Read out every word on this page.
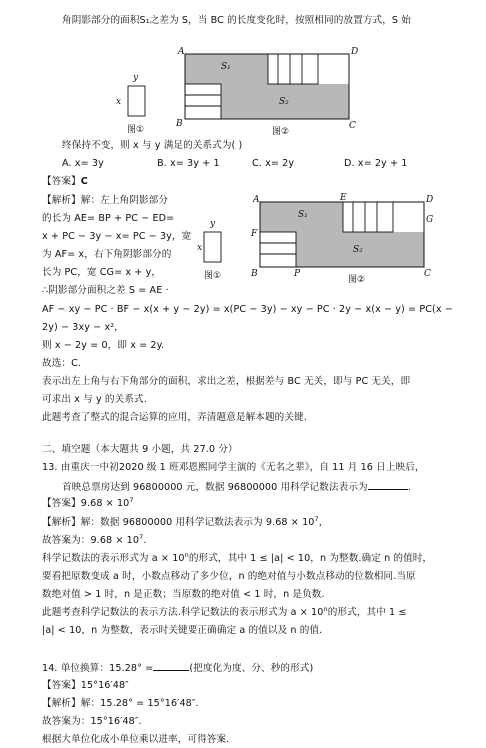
角阴影部分的面积S₁之差为 S，当 BC 的长度变化时，按照相同的放置方式，S 始
y
x
图①
A	D
B	C
S₁
S₂
图②
终保持不变，则 x 与 y 满足的关系式为( )
A. x= 3y	B. x= 3y + 1	C. x= 2y	D. x= 2y + 1
【答案】C
【解析】解：左上角阴影部分
的长为 AE= BP + PC − ED=
x + PC − 3y − x= PC − 3y，宽
为 AF= x，右下角阴影部分的
长为 PC，宽 CG= x + y，
∴阴影部分面积之差 S = AE ·
y
x
图①
A	E	D
G
F
B	P	C
S₁
S₂
图②
AF − xy − PC · BF − x(x + y − 2y) = x(PC − 3y) − xy − PC · 2y − x(x − y) = PC(x −
2y) − 3xy − x²，
则 x − 2y = 0，即 x = 2y.
故选：C.
表示出左上角与右下角部分的面积，求出之差，根据差与 BC 无关，即与 PC 无关，即
可求出 x 与 y 的关系式.
此题考查了整式的混合运算的应用，弄清题意是解本题的关键.
二、填空题（本大题共 9 小题，共 27.0 分）
13. 由重庆一中初2020 级 1 班邓恩熙同学主演的《无名之辈》，自 11 月 16 日上映后，
首映总票房达到 96800000 元，数据 96800000 用科学记数法表示为	.
【答案】$9.68 \times 10^7$
【解析】解：数据 96800000 用科学记数法表示为 $9.68 \times 10^7$，
故答案为：$9.68 \times 10^7$.
科学记数法的表示形式为 $a \times 10^n$的形式，其中 1 ≤ |a| < 10，n 为整数.确定 n 的值时，
要看把原数变成 a 时，小数点移动了多少位，n 的绝对值与小数点移动的位数相同.当原
数绝对值 > 1 时，n 是正数；当原数的绝对值 < 1 时，n 是负数.
此题考查科学记数法的表示方法.科学记数法的表示形式为 $a \times 10^n$的形式，其中 1 ≤
|a| < 10，n 为整数，表示时关键要正确确定 a 的值以及 n 的值.
14. 单位换算：15.28° =	(把度化为度、分、秒的形式)
【答案】15°16′48″
【解析】解：15.28° = 15°16′48″.
故答案为：15°16′48″.
根据大单位化成小单位乘以进率，可得答案.
